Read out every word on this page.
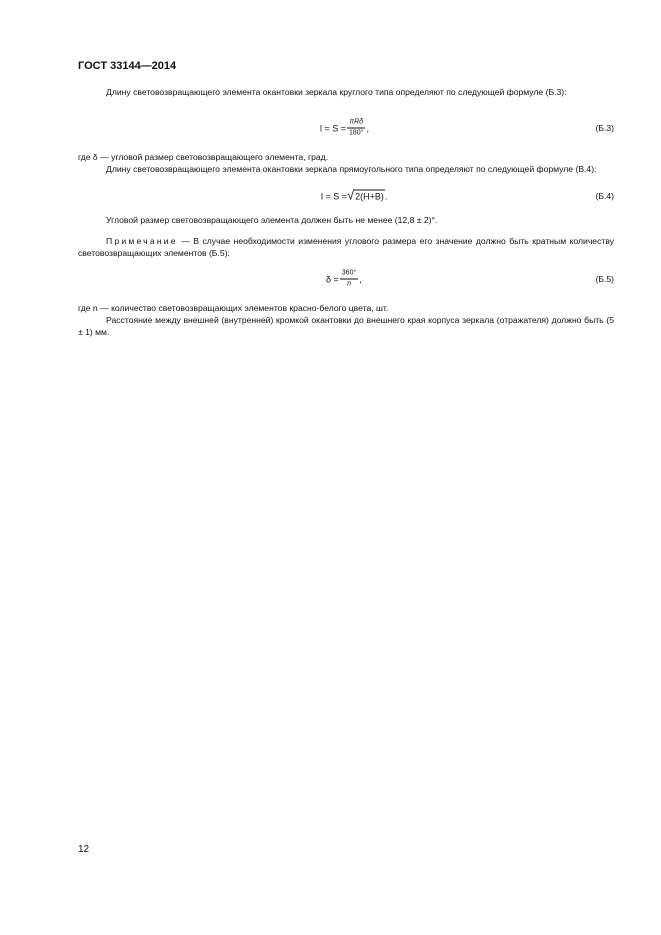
ГОСТ 33144—2014

Длину световозвращающего элемента окантовки зеркала круглого типа определяют по следующей формуле (Б.3):

$l = S = \frac{\text{πRδ}}{180^\circ}$ ,	(Б.3)

где δ — угловой размер световозвращающего элемента, град.

Длину световозвращающего элемента окантовки зеркала прямоугольного типа определяют по следующей формуле (В.4):

l = S = √ 2(H+B) .	(Б.4)

Угловой размер световозвращающего элемента должен быть не менее (12,8 ± 2)°.

Примечание — В случае необходимости изменения углового размера его значение должно быть кратным количеству световозвращающих элементов (Б.5):

$\delta = \frac{360^\circ}{n}$ ,	(Б.5)

где n — количество световозвращающих элементов красно-белого цвета, шт.

Расстояние между внешней (внутренней) кромкой окантовки до внешнего края корпуса зеркала (отражателя) должно быть (5 ± 1) мм.

12
